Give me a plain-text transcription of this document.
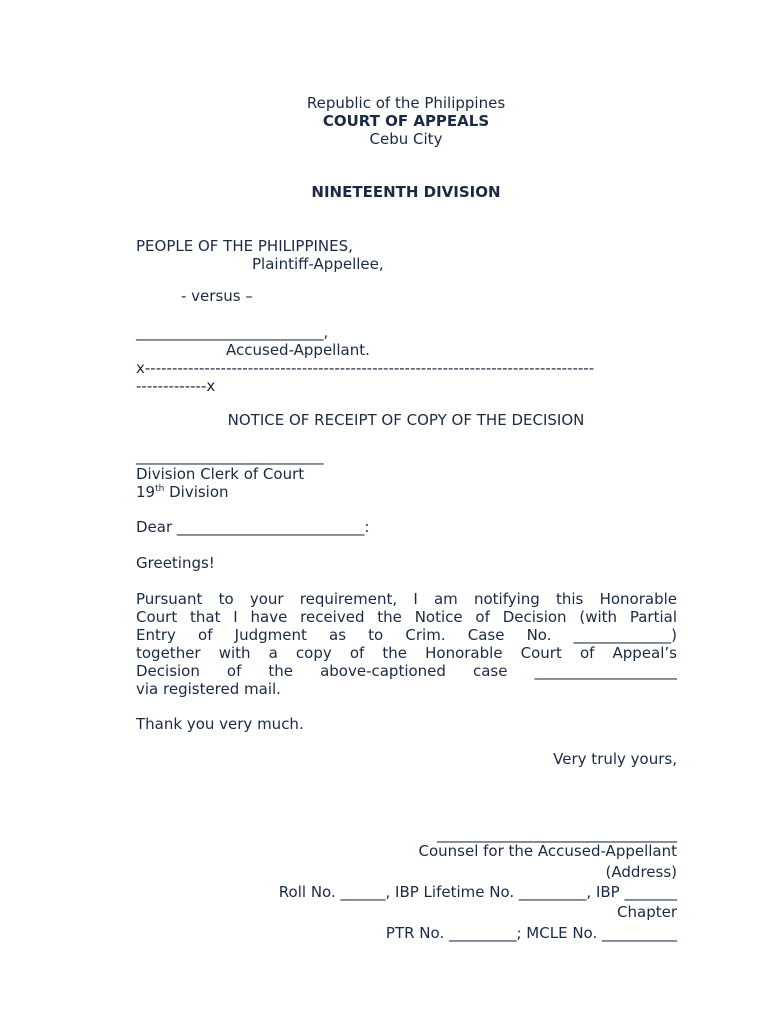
Republic of the Philippines
COURT OF APPEALS
Cebu City
NINETEENTH DIVISION
PEOPLE OF THE PHILIPPINES,
Plaintiff-Appellee,
- versus –
_________________________,
Accused-Appellant.
x-----------------------------------------------------------------------------------
-------------x
NOTICE OF RECEIPT OF COPY OF THE DECISION
_________________________
Division Clerk of Court
19th Division
Dear _________________________:
Greetings!
Pursuant to your requirement, I am notifying this Honorable
Court that I have received the Notice of Decision (with Partial
Entry of Judgment as to Crim. Case No. _____________)
together with a copy of the Honorable Court of Appeal’s
Decision of the above-captioned case ___________________
via registered mail.
Thank you very much.
Very truly yours,
________________________________
Counsel for the Accused-Appellant
(Address)
Roll No. ______, IBP Lifetime No. _________, IBP _______
Chapter
PTR No. _________; MCLE No. __________
